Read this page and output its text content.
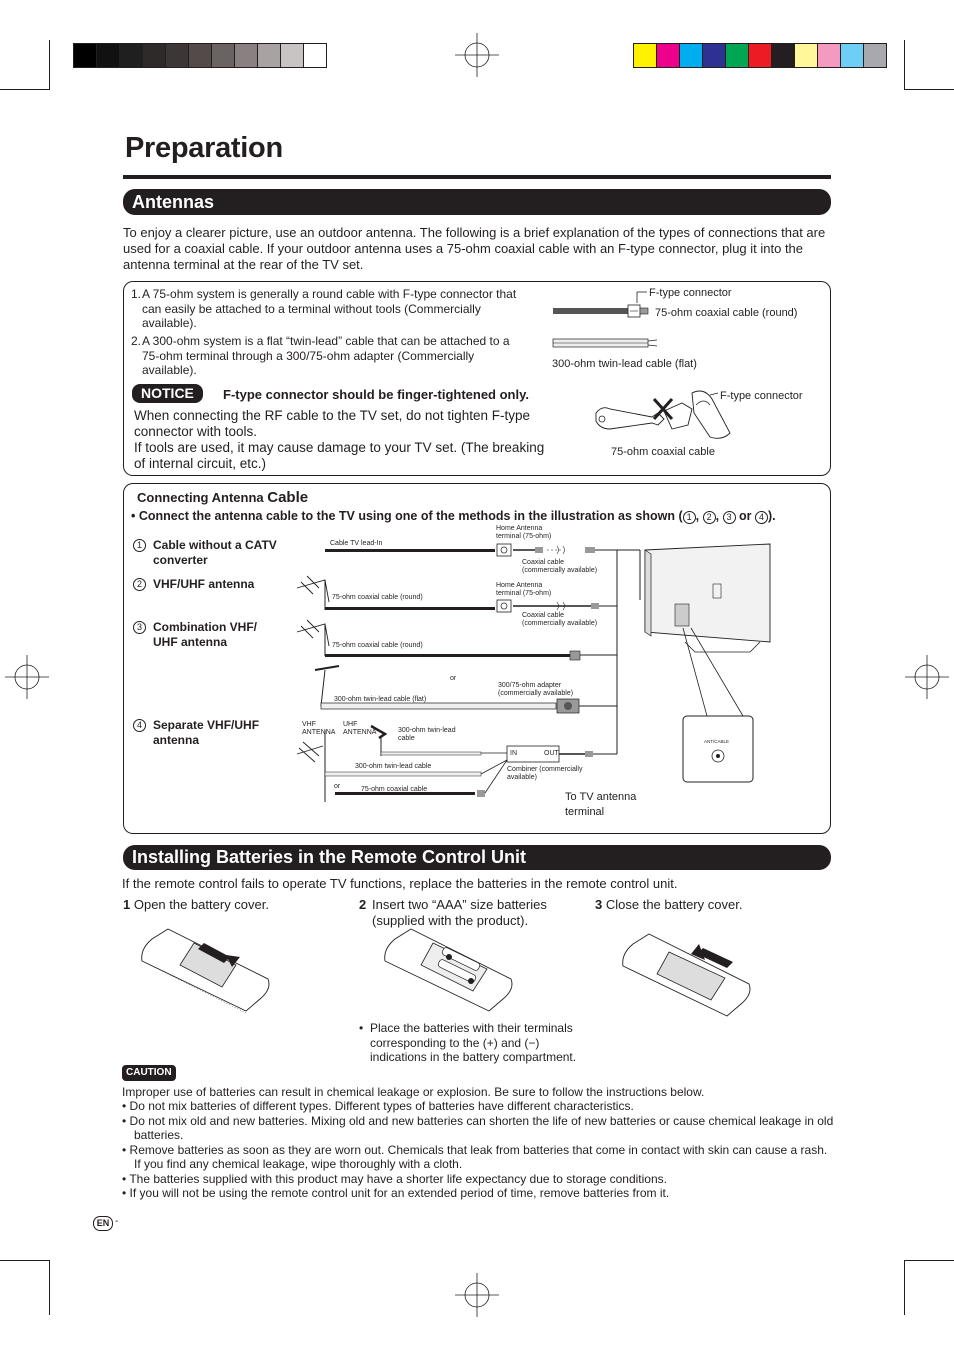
Preparation
Antennas
To enjoy a clearer picture, use an outdoor antenna. The following is a brief explanation of the types of connections that are used for a coaxial cable. If your outdoor antenna uses a 75-ohm coaxial cable with an F-type connector, plug it into the antenna terminal at the rear of the TV set.
1. A 75-ohm system is generally a round cable with F-type connector that can easily be attached to a terminal without tools (Commercially available).
2. A 300-ohm system is a flat “twin-lead” cable that can be attached to a 75-ohm terminal through a 300/75-ohm adapter (Commercially available).
F-type connector
75-ohm coaxial cable (round)
300-ohm twin-lead cable (flat)
NOTICE	F-type connector should be finger-tightened only.
When connecting the RF cable to the TV set, do not tighten F-type connector with tools.
If tools are used, it may cause damage to your TV set. (The breaking of internal circuit, etc.)
F-type connector
75-ohm coaxial cable
Connecting Antenna Cable
• Connect the antenna cable to the TV using one of the methods in the illustration as shown ( 1 , 2 , 3 or 4 ).
1 Cable without a CATV converter
2 VHF/UHF antenna
3 Combination VHF/ UHF antenna
4 Separate VHF/UHF antenna
Cable TV lead-In
Home Antenna terminal (75-ohm)
Coaxial cable (commercially available)
75-ohm coaxial cable (round)
Home Antenna terminal (75-ohm)
Coaxial cable (commercially available)
75-ohm coaxial cable (round)
or
300/75-ohm adapter (commercially available)
300-ohm twin-lead cable (flat)
VHF ANTENNA
UHF ANTENNA	300-ohm twin-lead cable
IN	OUT
Combiner (commercially available)
300-ohm twin-lead cable
or	75-ohm coaxial cable
ANT/CABLE
To TV antenna terminal
Installing Batteries in the Remote Control Unit
If the remote control fails to operate TV functions, replace the batteries in the remote control unit.
1 Open the battery cover.	2 Insert two “AAA” size batteries (supplied with the product).
3 Close the battery cover.
• Place the batteries with their terminals corresponding to the (+) and (−) indications in the battery compartment.
CAUTION
Improper use of batteries can result in chemical leakage or explosion. Be sure to follow the instructions below.
• Do not mix batteries of different types. Different types of batteries have different characteristics.
• Do not mix old and new batteries. Mixing old and new batteries can shorten the life of new batteries or cause chemical leakage in old batteries.
• Remove batteries as soon as they are worn out. Chemicals that leak from batteries that come in contact with skin can cause a rash. If you find any chemical leakage, wipe thoroughly with a cloth.
• The batteries supplied with this product may have a shorter life expectancy due to storage conditions.
• If you will not be using the remote control unit for an extended period of time, remove batteries from it.
EN -
